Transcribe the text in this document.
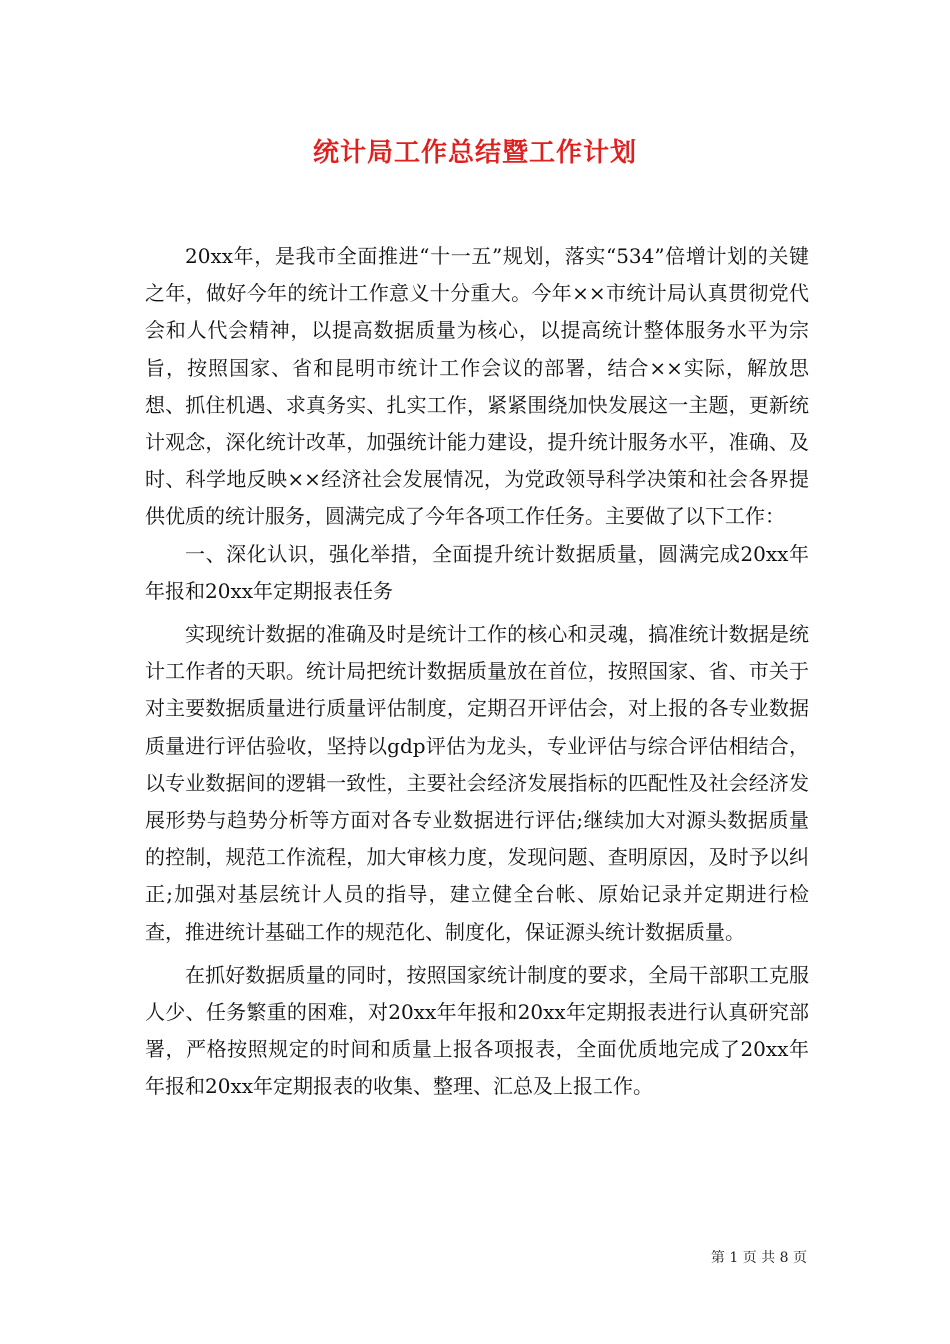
统计局工作总结暨工作计划

20xx年，是我市全面推进“十一五”规划，落实“534”倍增计划的关键之年，做好今年的统计工作意义十分重大。今年××市统计局认真贯彻党代会和人代会精神，以提高数据质量为核心，以提高统计整体服务水平为宗旨，按照国家、省和昆明市统计工作会议的部署，结合××实际，解放思想、抓住机遇、求真务实、扎实工作，紧紧围绕加快发展这一主题，更新统计观念，深化统计改革，加强统计能力建设，提升统计服务水平，准确、及时、科学地反映××经济社会发展情况，为党政领导科学决策和社会各界提供优质的统计服务，圆满完成了今年各项工作任务。主要做了以下工作：

一、深化认识，强化举措，全面提升统计数据质量，圆满完成20xx年年报和20xx年定期报表任务

实现统计数据的准确及时是统计工作的核心和灵魂，搞准统计数据是统计工作者的天职。统计局把统计数据质量放在首位，按照国家、省、市关于对主要数据质量进行质量评估制度，定期召开评估会，对上报的各专业数据质量进行评估验收，坚持以gdp评估为龙头，专业评估与综合评估相结合，以专业数据间的逻辑一致性，主要社会经济发展指标的匹配性及社会经济发展形势与趋势分析等方面对各专业数据进行评估;继续加大对源头数据质量的控制，规范工作流程，加大审核力度，发现问题、查明原因，及时予以纠正;加强对基层统计人员的指导，建立健全台帐、原始记录并定期进行检查，推进统计基础工作的规范化、制度化，保证源头统计数据质量。

在抓好数据质量的同时，按照国家统计制度的要求，全局干部职工克服人少、任务繁重的困难，对20xx年年报和20xx年定期报表进行认真研究部署，严格按照规定的时间和质量上报各项报表，全面优质地完成了20xx年年报和20xx年定期报表的收集、整理、汇总及上报工作。

第 1 页 共 8 页
